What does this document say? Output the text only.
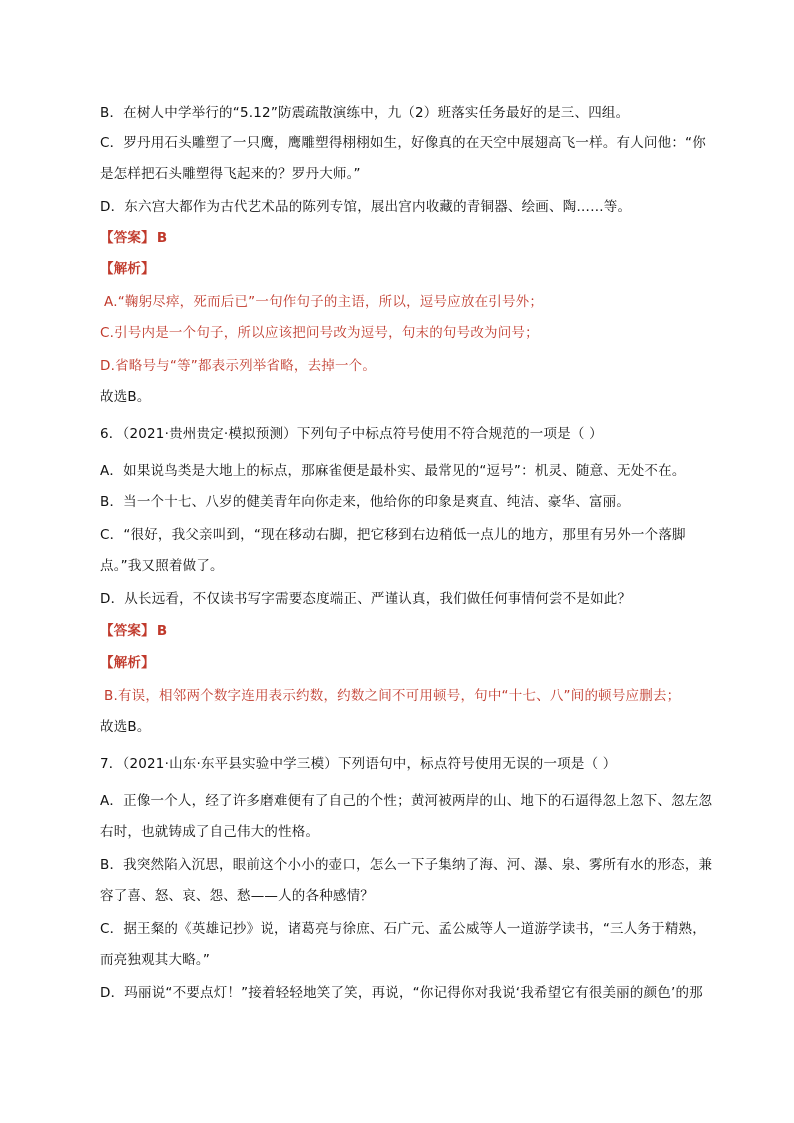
B．在树人中学举行的“5.12”防震疏散演练中，九（2）班落实任务最好的是三、四组。
C．罗丹用石头雕塑了一只鹰，鹰雕塑得栩栩如生，好像真的在天空中展翅高飞一样。有人问他：“你
是怎样把石头雕塑得飞起来的？罗丹大师。”
D．东六宫大都作为古代艺术品的陈列专馆，展出宫内收藏的青铜器、绘画、陶……等。
【答案】 B
【解析】
A.“鞠躬尽瘁，死而后已”一句作句子的主语，所以，逗号应放在引号外；
C.引号内是一个句子，所以应该把问号改为逗号，句末的句号改为问号；
D.省略号与“等”都表示列举省略，去掉一个。
故选B。
6．（2021·贵州贵定·模拟预测）下列句子中标点符号使用不符合规范的一项是（ ）
A．如果说鸟类是大地上的标点，那麻雀便是最朴实、最常见的“逗号”：机灵、随意、无处不在。
B．当一个十七、八岁的健美青年向你走来，他给你的印象是爽直、纯洁、豪华、富丽。
C．“很好，我父亲叫到，“现在移动右脚，把它移到右边稍低一点儿的地方，那里有另外一个落脚
点。”我又照着做了。
D．从长远看，不仅读书写字需要态度端正、严谨认真，我们做任何事情何尝不是如此？
【答案】 B
【解析】
B.有误，相邻两个数字连用表示约数，约数之间不可用顿号，句中“十七、八”间的顿号应删去；
故选B。
7．（2021·山东·东平县实验中学三模）下列语句中，标点符号使用无误的一项是（ ）
A．正像一个人，经了许多磨难便有了自己的个性；黄河被两岸的山、地下的石逼得忽上忽下、忽左忽
右时，也就铸成了自己伟大的性格。
B．我突然陷入沉思，眼前这个小小的壶口，怎么一下子集纳了海、河、瀑、泉、雾所有水的形态，兼
容了喜、怒、哀、怨、愁——人的各种感情？
C．据王粲的《英雄记抄》说，诸葛亮与徐庶、石广元、孟公威等人一道游学读书，“三人务于精熟，
而亮独观其大略。”
D．玛丽说“不要点灯！”接着轻轻地笑了笑，再说，“你记得你对我说‘我希望它有很美丽的颜色’的那
